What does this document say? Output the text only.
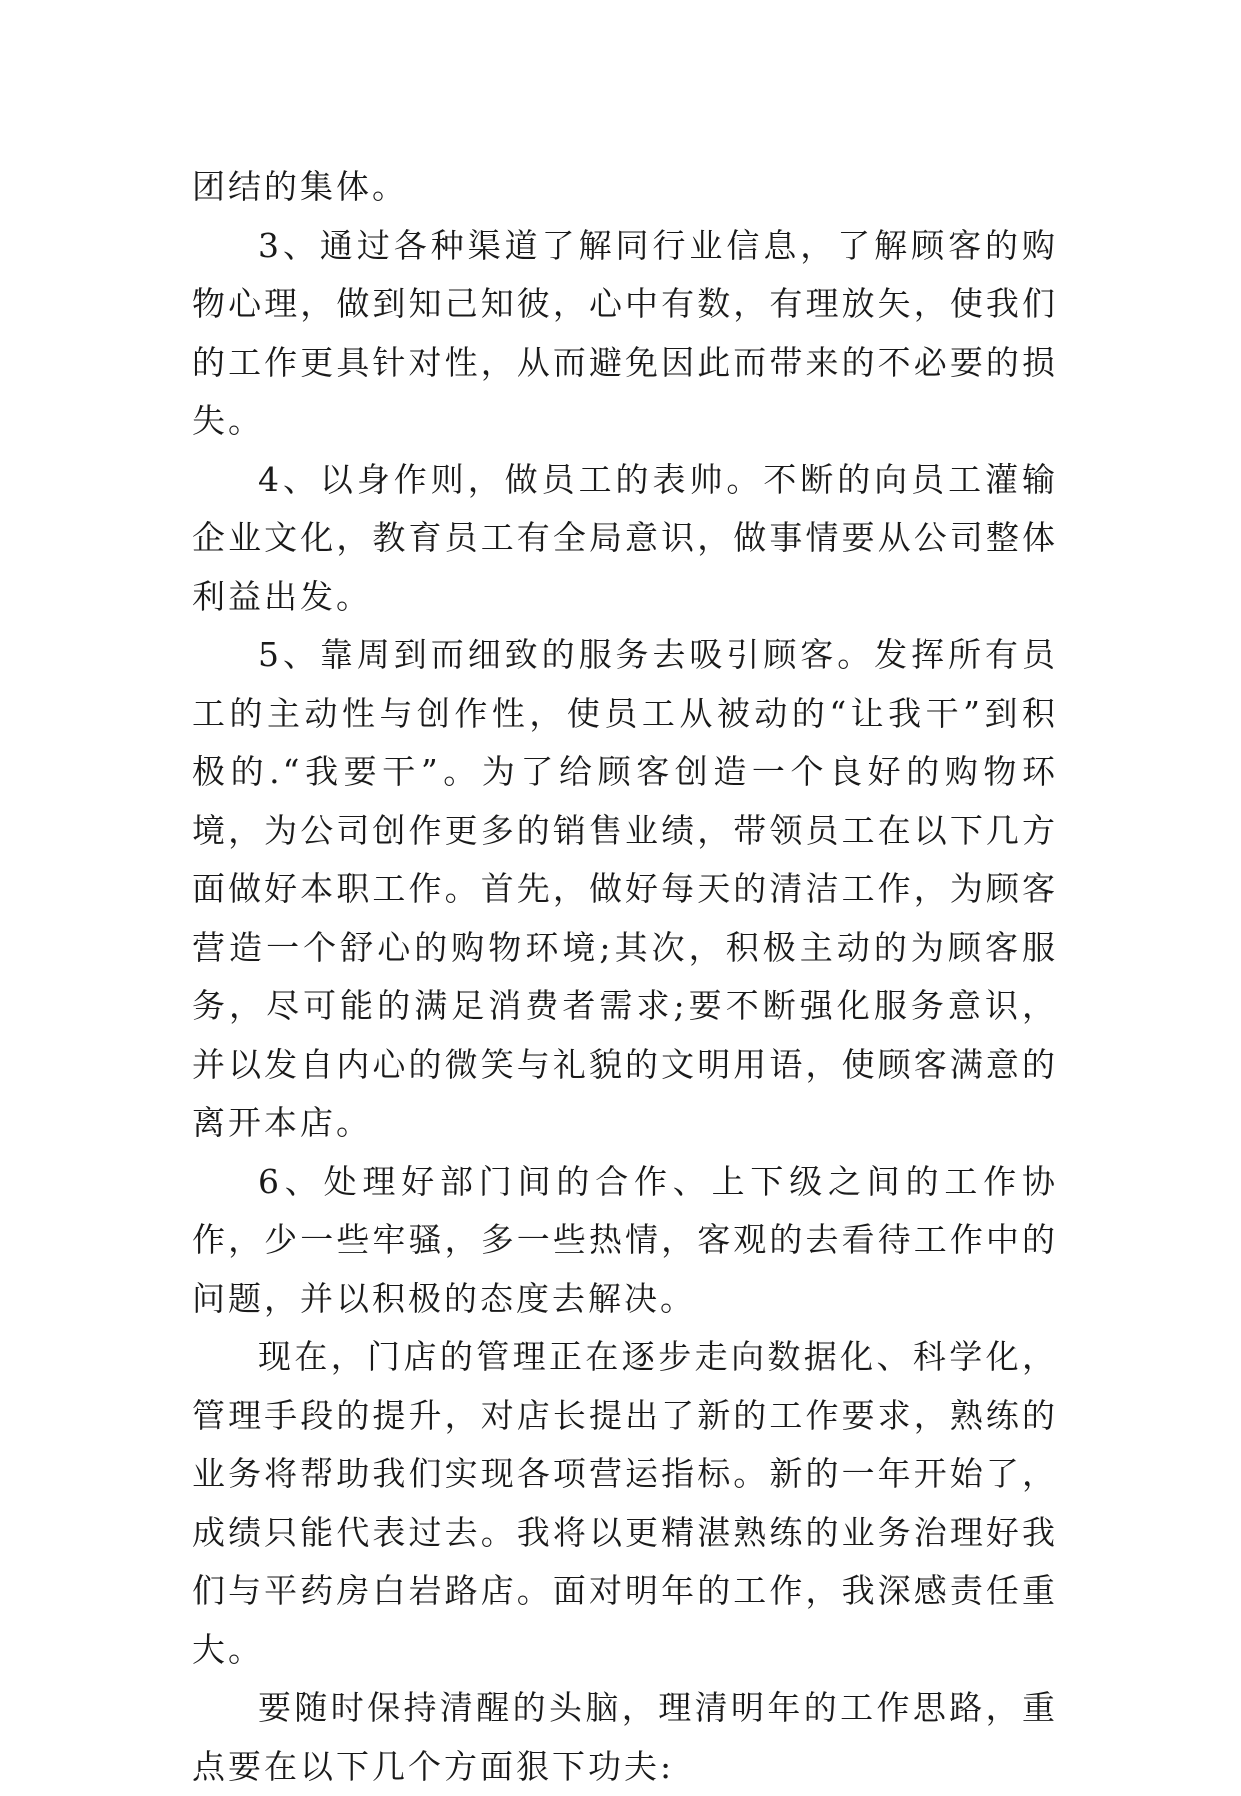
团结的集体。

3、通过各种渠道了解同行业信息，了解顾客的购物心理，做到知己知彼，心中有数，有理放矢，使我们的工作更具针对性，从而避免因此而带来的不必要的损失。

4、以身作则，做员工的表帅。不断的向员工灌输企业文化，教育员工有全局意识，做事情要从公司整体利益出发。

5、靠周到而细致的服务去吸引顾客。发挥所有员工的主动性与创作性，使员工从被动的“让我干”到积极的.“我要干”。为了给顾客创造一个良好的购物环境，为公司创作更多的销售业绩，带领员工在以下几方面做好本职工作。首先，做好每天的清洁工作，为顾客营造一个舒心的购物环境;其次，积极主动的为顾客服务，尽可能的满足消费者需求;要不断强化服务意识，并以发自内心的微笑与礼貌的文明用语，使顾客满意的离开本店。

6、处理好部门间的合作、上下级之间的工作协作，少一些牢骚，多一些热情，客观的去看待工作中的问题，并以积极的态度去解决。

现在，门店的管理正在逐步走向数据化、科学化，管理手段的提升，对店长提出了新的工作要求，熟练的业务将帮助我们实现各项营运指标。新的一年开始了，成绩只能代表过去。我将以更精湛熟练的业务治理好我们与平药房白岩路店。面对明年的工作，我深感责任重大。

要随时保持清醒的头脑，理清明年的工作思路，重点要在以下几个方面狠下功夫:
